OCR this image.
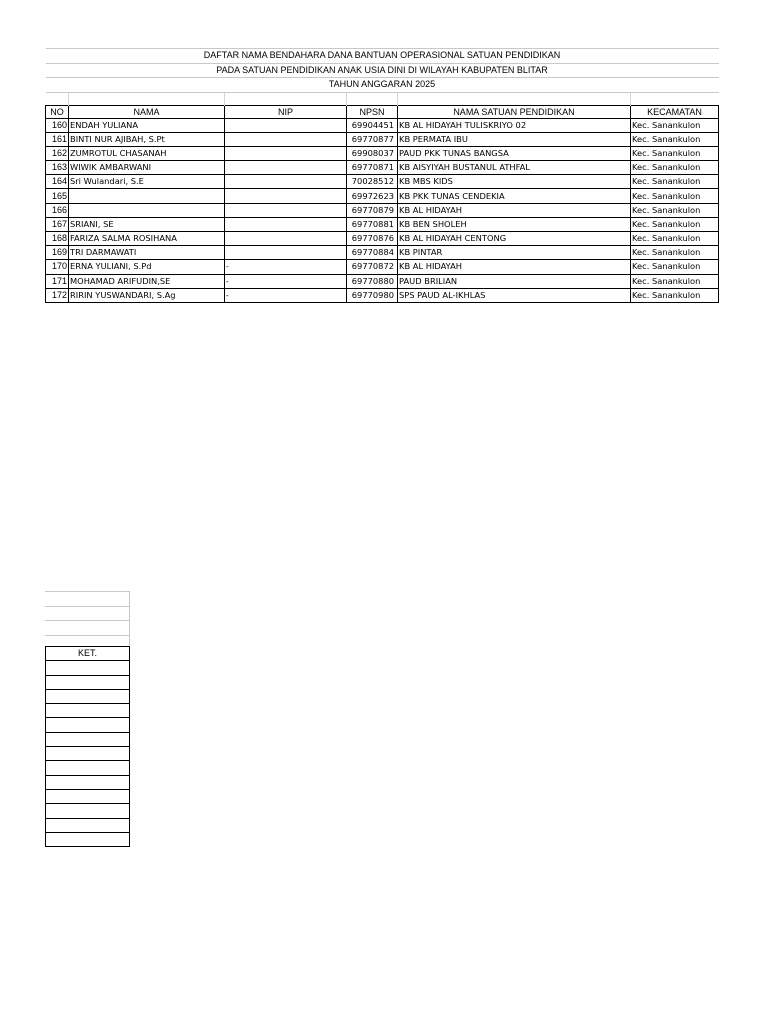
DAFTAR NAMA BENDAHARA DANA BANTUAN OPERASIONAL SATUAN PENDIDIKAN					
PADA SATUAN PENDIDIKAN ANAK USIA DINI DI WILAYAH KABUPATEN BLITAR					
TAHUN ANGGARAN 2025					

NO	NAMA	NIP	NPSN	NAMA SATUAN PENDIDIKAN	KECAMATAN
160	ENDAH YULIANA		69904451	KB AL HIDAYAH TULISKRIYO 02	Kec. Sanankulon
161	BINTI NUR AJIBAH, S.Pt		69770877	KB PERMATA IBU	Kec. Sanankulon
162	ZUMROTUL CHASANAH		69908037	PAUD PKK TUNAS BANGSA	Kec. Sanankulon
163	WIWIK AMBARWANI		69770871	KB AISYIYAH BUSTANUL ATHFAL	Kec. Sanankulon
164	Sri Wulandari, S.E		70028512	KB MBS KIDS	Kec. Sanankulon
165			69972623	KB PKK TUNAS CENDEKIA	Kec. Sanankulon
166			69770879	KB AL HIDAYAH	Kec. Sanankulon
167	SRIANI, SE		69770881	KB BEN SHOLEH	Kec. Sanankulon
168	FARIZA SALMA ROSIHANA		69770876	KB AL HIDAYAH CENTONG	Kec. Sanankulon
169	TRI DARMAWATI		69770884	KB PINTAR	Kec. Sanankulon
170	ERNA YULIANI, S.Pd	-	69770872	KB AL HIDAYAH	Kec. Sanankulon
171	MOHAMAD ARIFUDIN,SE	-	69770880	PAUD BRILIAN	Kec. Sanankulon
172	RIRIN YUSWANDARI, S.Ag	-	69770980	SPS PAUD AL-IKHLAS	Kec. Sanankulon
KET.
